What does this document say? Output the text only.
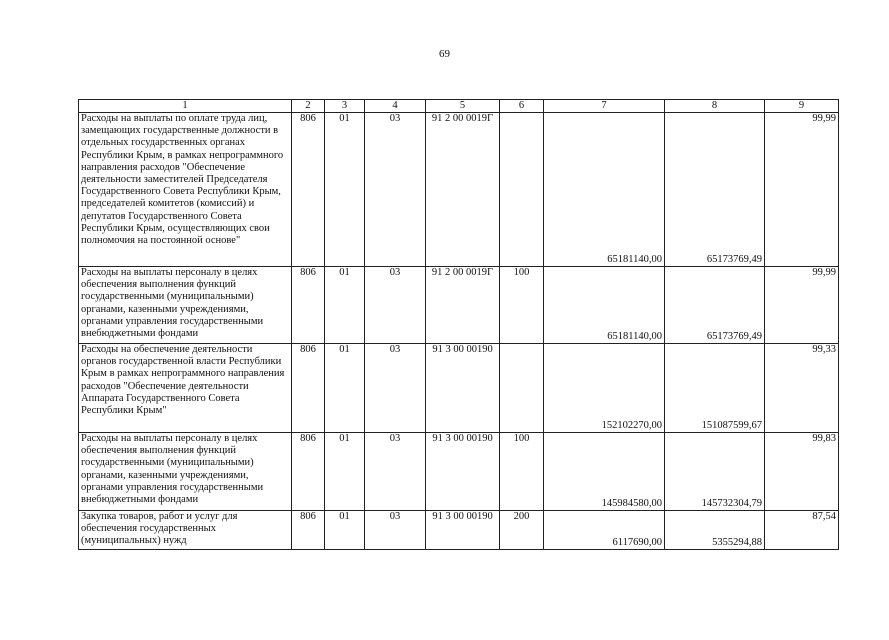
69
1	2	3	4	5	6	7	8	9
Расходы на выплаты по оплате труда лиц, замещающих государственные должности в отдельных государственных органах Республики Крым, в рамках непрограммного направления расходов "Обеспечение деятельности заместителей Председателя Государственного Совета Республики Крым, председателей комитетов (комиссий) и депутатов Государственного Совета Республики Крым, осуществляющих свои полномочия на постоянной основе"	806	01	03	91 2 00 0019Г		65181140,00	65173769,49	99,99
Расходы на выплаты персоналу в целях обеспечения выполнения функций государственными (муниципальными) органами, казенными учреждениями, органами управления государственными внебюджетными фондами	806	01	03	91 2 00 0019Г	100	65181140,00	65173769,49	99,99
Расходы на обеспечение деятельности органов государственной власти Республики Крым в рамках непрограммного направления расходов "Обеспечение деятельности Аппарата Государственного Совета Республики Крым"	806	01	03	91 3 00 00190		152102270,00	151087599,67	99,33
Расходы на выплаты персоналу в целях обеспечения выполнения функций государственными (муниципальными) органами, казенными учреждениями, органами управления государственными внебюджетными фондами	806	01	03	91 3 00 00190	100	145984580,00	145732304,79	99,83
Закупка товаров, работ и услуг для обеспечения государственных (муниципальных) нужд	806	01	03	91 3 00 00190	200	6117690,00	5355294,88	87,54
